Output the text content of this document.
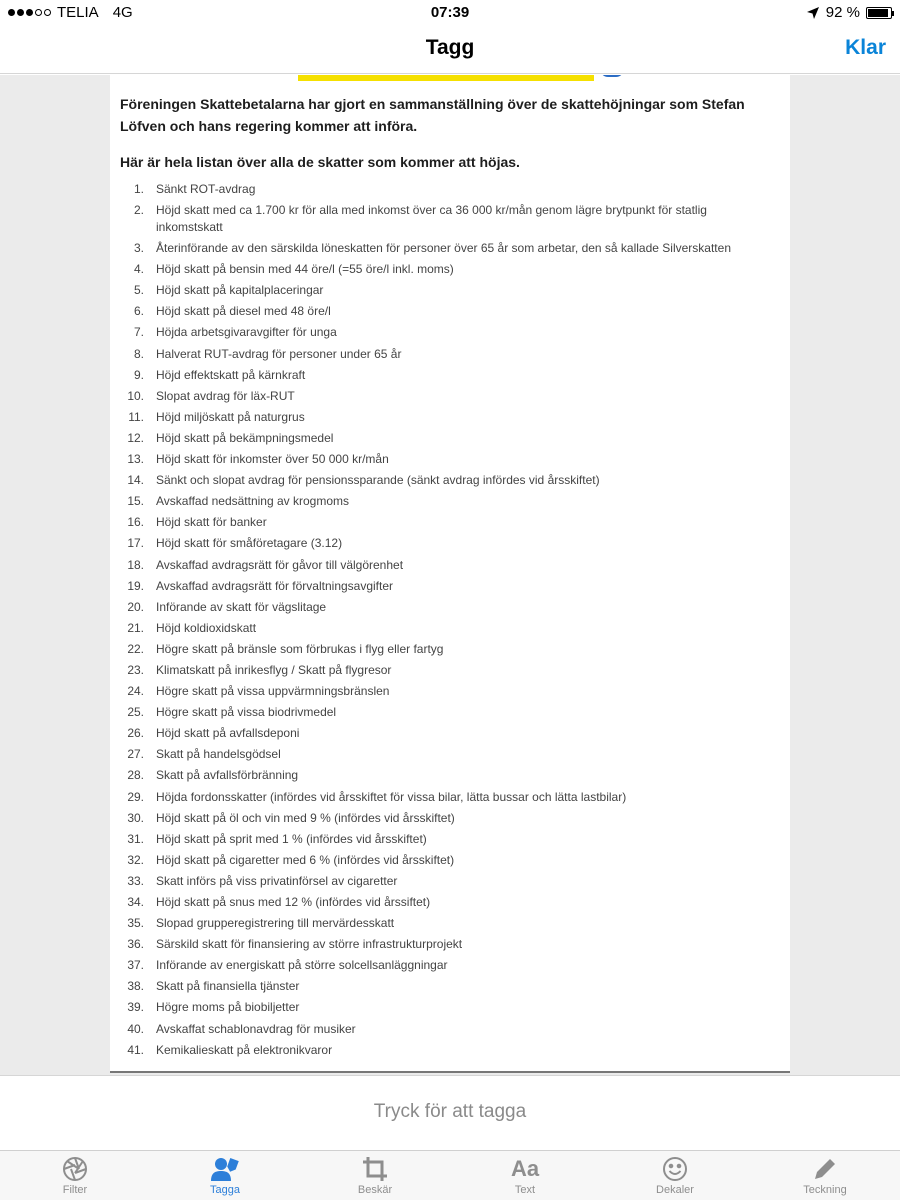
TELIA 4G	07:39	92 %
Tagg	Klar
Föreningen Skattebetalarna har gjort en sammanställning över de skattehöjningar som Stefan Löfven och hans regering kommer att införa.
Här är hela listan över alla de skatter som kommer att höjas.
1. Sänkt ROT-avdrag
2. Höjd skatt med ca 1.700 kr för alla med inkomst över ca 36 000 kr/mån genom lägre brytpunkt för statlig inkomstskatt
3. Återinförande av den särskilda löneskatten för personer över 65 år som arbetar, den så kallade Silverskatten
4. Höjd skatt på bensin med 44 öre/l (=55 öre/l inkl. moms)
5. Höjd skatt på kapitalplaceringar
6. Höjd skatt på diesel med 48 öre/l
7. Höjda arbetsgivaravgifter för unga
8. Halverat RUT-avdrag för personer under 65 år
9. Höjd effektskatt på kärnkraft
10. Slopat avdrag för läx-RUT
11. Höjd miljöskatt på naturgrus
12. Höjd skatt på bekämpningsmedel
13. Höjd skatt för inkomster över 50 000 kr/mån
14. Sänkt och slopat avdrag för pensionssparande (sänkt avdrag infördes vid årsskiftet)
15. Avskaffad nedsättning av krogmoms
16. Höjd skatt för banker
17. Höjd skatt för småföretagare (3.12)
18. Avskaffad avdragsrätt för gåvor till välgörenhet
19. Avskaffad avdragsrätt för förvaltningsavgifter
20. Införande av skatt för vägslitage
21. Höjd koldioxidskatt
22. Högre skatt på bränsle som förbrukas i flyg eller fartyg
23. Klimatskatt på inrikesflyg / Skatt på flygresor
24. Högre skatt på vissa uppvärmningsbränslen
25. Högre skatt på vissa biodrivmedel
26. Höjd skatt på avfallsdeponi
27. Skatt på handelsgödsel
28. Skatt på avfallsförbränning
29. Höjda fordonsskatter (infördes vid årsskiftet för vissa bilar, lätta bussar och lätta lastbilar)
30. Höjd skatt på öl och vin med 9 % (infördes vid årsskiftet)
31. Höjd skatt på sprit med 1 % (infördes vid årsskiftet)
32. Höjd skatt på cigaretter med 6 % (infördes vid årsskiftet)
33. Skatt införs på viss privatinförsel av cigaretter
34. Höjd skatt på snus med 12 % (infördes vid årssiftet)
35. Slopad grupperegistrering till mervärdesskatt
36. Särskild skatt för finansiering av större infrastrukturprojekt
37. Införande av energiskatt på större solcellsanläggningar
38. Skatt på finansiella tjänster
39. Högre moms på biobiljetter
40. Avskaffat schablonavdrag för musiker
41. Kemikalieskatt på elektronikvaror
Tryck för att tagga
Filter	Tagga	Beskär
Aa
Text	Dekaler	Teckning
